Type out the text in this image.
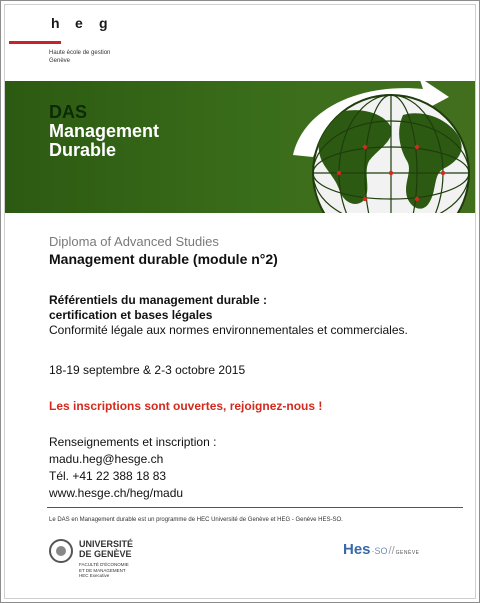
h e g
Haute école de gestion
Genève
DAS
Management
Durable
Diploma of Advanced Studies
Management durable (module n°2)
Référentiels du management durable :
certification et bases légales
Conformité légale aux normes environnementales et commerciales.
18-19 septembre & 2-3 octobre 2015
Les inscriptions sont ouvertes, rejoignez-nous !
Renseignements et inscription :
madu.heg@hesge.ch
Tél. +41 22 388 18 83
www.hesge.ch/heg/madu
Le DAS en Management durable est un programme de HEC Université de Genève et HEG - Genève HES-SO.
UNIVERSITÉ
DE GENÈVE
FACULTÉ D'ÉCONOMIE
ET DE MANAGEMENT
HEC Executive
Hes·SO//GENÈVE
